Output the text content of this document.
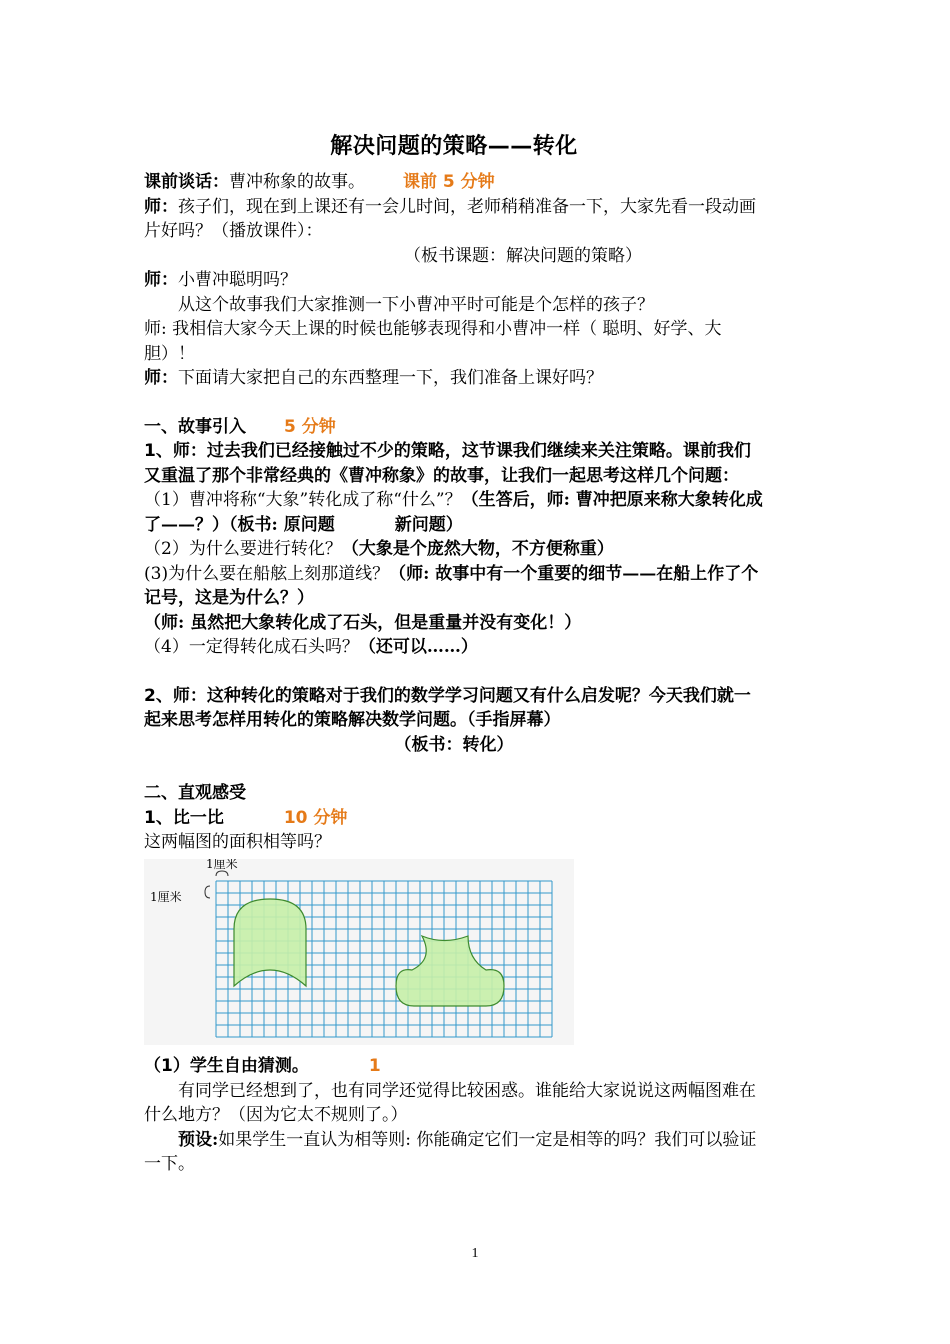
解决问题的策略——转化

课前谈话：曹冲称象的故事。 课前 5 分钟

师：孩子们，现在到上课还有一会儿时间，老师稍稍准备一下，大家先看一段动画片好吗？（播放课件）：

（板书课题：解决问题的策略）

师：小曹冲聪明吗？

从这个故事我们大家推测一下小曹冲平时可能是个怎样的孩子？

师: 我相信大家今天上课的时候也能够表现得和小曹冲一样（ 聪明、好学、大胆）！

师：下面请大家把自己的东西整理一下，我们准备上课好吗？

一、故事引入 5 分钟

1、师：过去我们已经接触过不少的策略，这节课我们继续来关注策略。课前我们又重温了那个非常经典的《曹冲称象》的故事，让我们一起思考这样几个问题：

（1）曹冲将称“大象”转化成了称“什么”？（生答后，师: 曹冲把原来称大象转化成了——？）（板书: 原问题	新问题）

（2）为什么要进行转化？（大象是个庞然大物，不方便称重）

(3)为什么要在船舷上刻那道线？（师: 故事中有一个重要的细节——在船上作了个记号，这是为什么？）

（师: 虽然把大象转化成了石头，但是重量并没有变化！）

（4）一定得转化成石头吗？（还可以……）

2、师：这种转化的策略对于我们的数学学习问题又有什么启发呢？今天我们就一起来思考怎样用转化的策略解决数学问题。（手指屏幕）

（板书：转化）

二、直观感受

1、比一比	10 分钟

这两幅图的面积相等吗？

1厘米
1厘米

（1）学生自由猜测。	1

有同学已经想到了，也有同学还觉得比较困惑。谁能给大家说说这两幅图难在什么地方？（因为它太不规则了。）

预设:如果学生一直认为相等则: 你能确定它们一定是相等的吗？我们可以验证一下。

1
